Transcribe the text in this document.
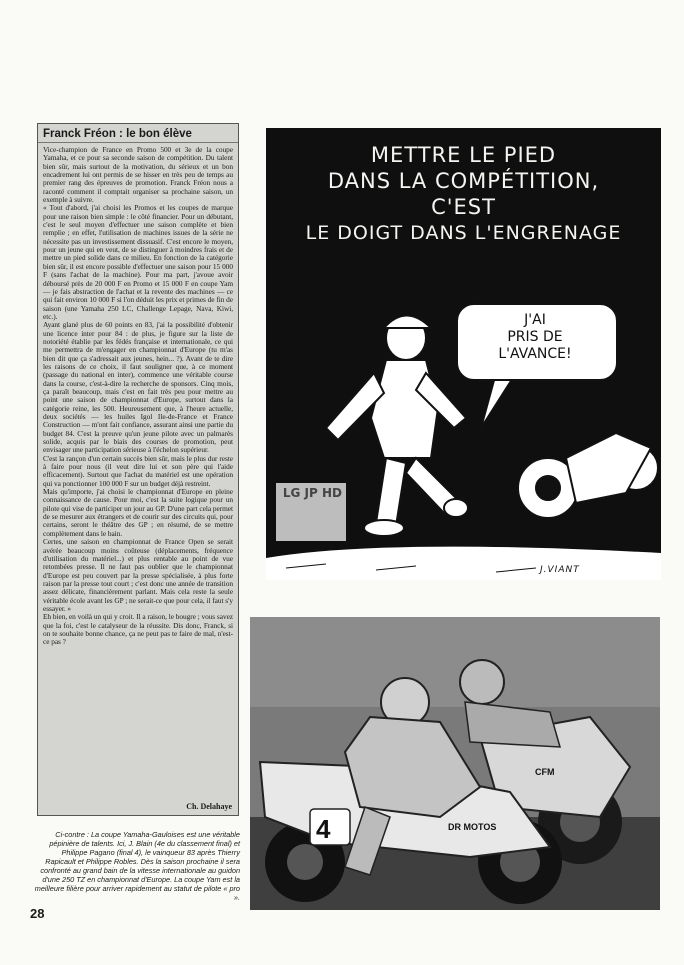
Franck Fréon : le bon élève

Vice-champion de France en Promo 500 et 3e de la coupe Yamaha, et ce pour sa seconde saison de compétition. Du talent bien sûr, mais surtout de la motivation, du sérieux et un bon encadrement lui ont permis de se hisser en très peu de temps au premier rang des épreuves de promotion. Franck Fréon nous a raconté comment il comptait organiser sa prochaine saison, un exemple à suivre.

« Tout d'abord, j'ai choisi les Promos et les coupes de marque pour une raison bien simple : le côté financier. Pour un débutant, c'est le seul moyen d'effectuer une saison complète et bien remplie ; en effet, l'utilisation de machines issues de la série ne nécessite pas un investissement dissuasif. C'est encore le moyen, pour un jeune qui en veut, de se distinguer à moindres frais et de mettre un pied solide dans ce milieu. En fonction de la catégorie bien sûr, il est encore possible d'effectuer une saison pour 15 000 F (sans l'achat de la machine). Pour ma part, j'avoue avoir déboursé près de 20 000 F en Promo et 15 000 F en coupe Yam — je fais abstraction de l'achat et la revente des machines — ce qui fait environ 10 000 F si l'on déduit les prix et primes de fin de saison (une Yamaha 250 LC, Challenge Lepage, Nava, Kiwi, etc.).

Ayant glané plus de 60 points en 83, j'ai la possibilité d'obtenir une licence inter pour 84 : de plus, je figure sur la liste de notoriété établie par les fédés française et internationale, ce qui me permettra de m'engager en championnat d'Europe (tu m'as bien dit que ça s'adressait aux jeunes, hein... ?). Avant de te dire les raisons de ce choix, il faut souligner que, à ce moment (passage du national en inter), commence une véritable course dans la course, c'est-à-dire la recherche de sponsors. Cinq mois, ça paraît beaucoup, mais c'est en fait très peu pour mettre au point une saison de championnat d'Europe, surtout dans la catégorie reine, les 500. Heureusement que, à l'heure actuelle, deux sociétés — les huiles Igol Ile-de-France et France Construction — m'ont fait confiance, assurant ainsi une partie du budget 84. C'est la preuve qu'un jeune pilote avec un palmarès solide, acquis par le biais des courses de promotion, peut envisager une participation sérieuse à l'échelon supérieur.

C'est la rançon d'un certain succès bien sûr, mais le plus dur reste à faire pour nous (il veut dire lui et son père qui l'aide efficacement). Surtout que l'achat du matériel est une opération qui va ponctionner 100 000 F sur un budget déjà restreint.

Mais qu'importe, j'ai choisi le championnat d'Europe en pleine connaissance de cause. Pour moi, c'est la suite logique pour un pilote qui vise de participer un jour au GP. D'une part cela permet de se mesurer aux étrangers et de courir sur des circuits qui, pour certains, seront le théâtre des GP ; en résumé, de se mettre complètement dans le bain.

Certes, une saison en championnat de France Open se serait avérée beaucoup moins coûteuse (déplacements, fréquence d'utilisation du matériel...) et plus rentable au point de vue retombées presse. Il ne faut pas oublier que le championnat d'Europe est peu couvert par la presse spécialisée, à plus forte raison par la presse tout court ; c'est donc une année de transition assez délicate, financièrement parlant. Mais cela reste la seule véritable école avant les GP ; ne serait-ce que pour cela, il faut s'y essayer. »

Eh bien, en voilà un qui y croit. Il a raison, le bougre ; vous savez que la foi, c'est le catalyseur de la réussite. Dis donc, Franck, si on te souhaite bonne chance, ça ne peut pas te faire de mal, n'est-ce pas ?

Ch. Delahaye

Ci-contre : La coupe Yamaha-Gauloises est une véritable pépinière de talents. Ici, J. Blain (4e du classement final) et Philippe Pagano (final 4), le vainqueur 83 après Thierry Rapicault et Philippe Robles. Dès la saison prochaine il sera confronté au grand bain de la vitesse internationale au guidon d'une 250 TZ en championnat d'Europe. La coupe Yam est la meilleure filière pour arriver rapidement au statut de pilote « pro ».

28
METTRE LE PIED
DANS LA COMPÉTITION,
C'EST
LE DOIGT DANS L'ENGRENAGE
J'AI
PRIS DE
L'AVANCE!
LG JP HD
J.VIANT
4	DR MOTOS
CFM
